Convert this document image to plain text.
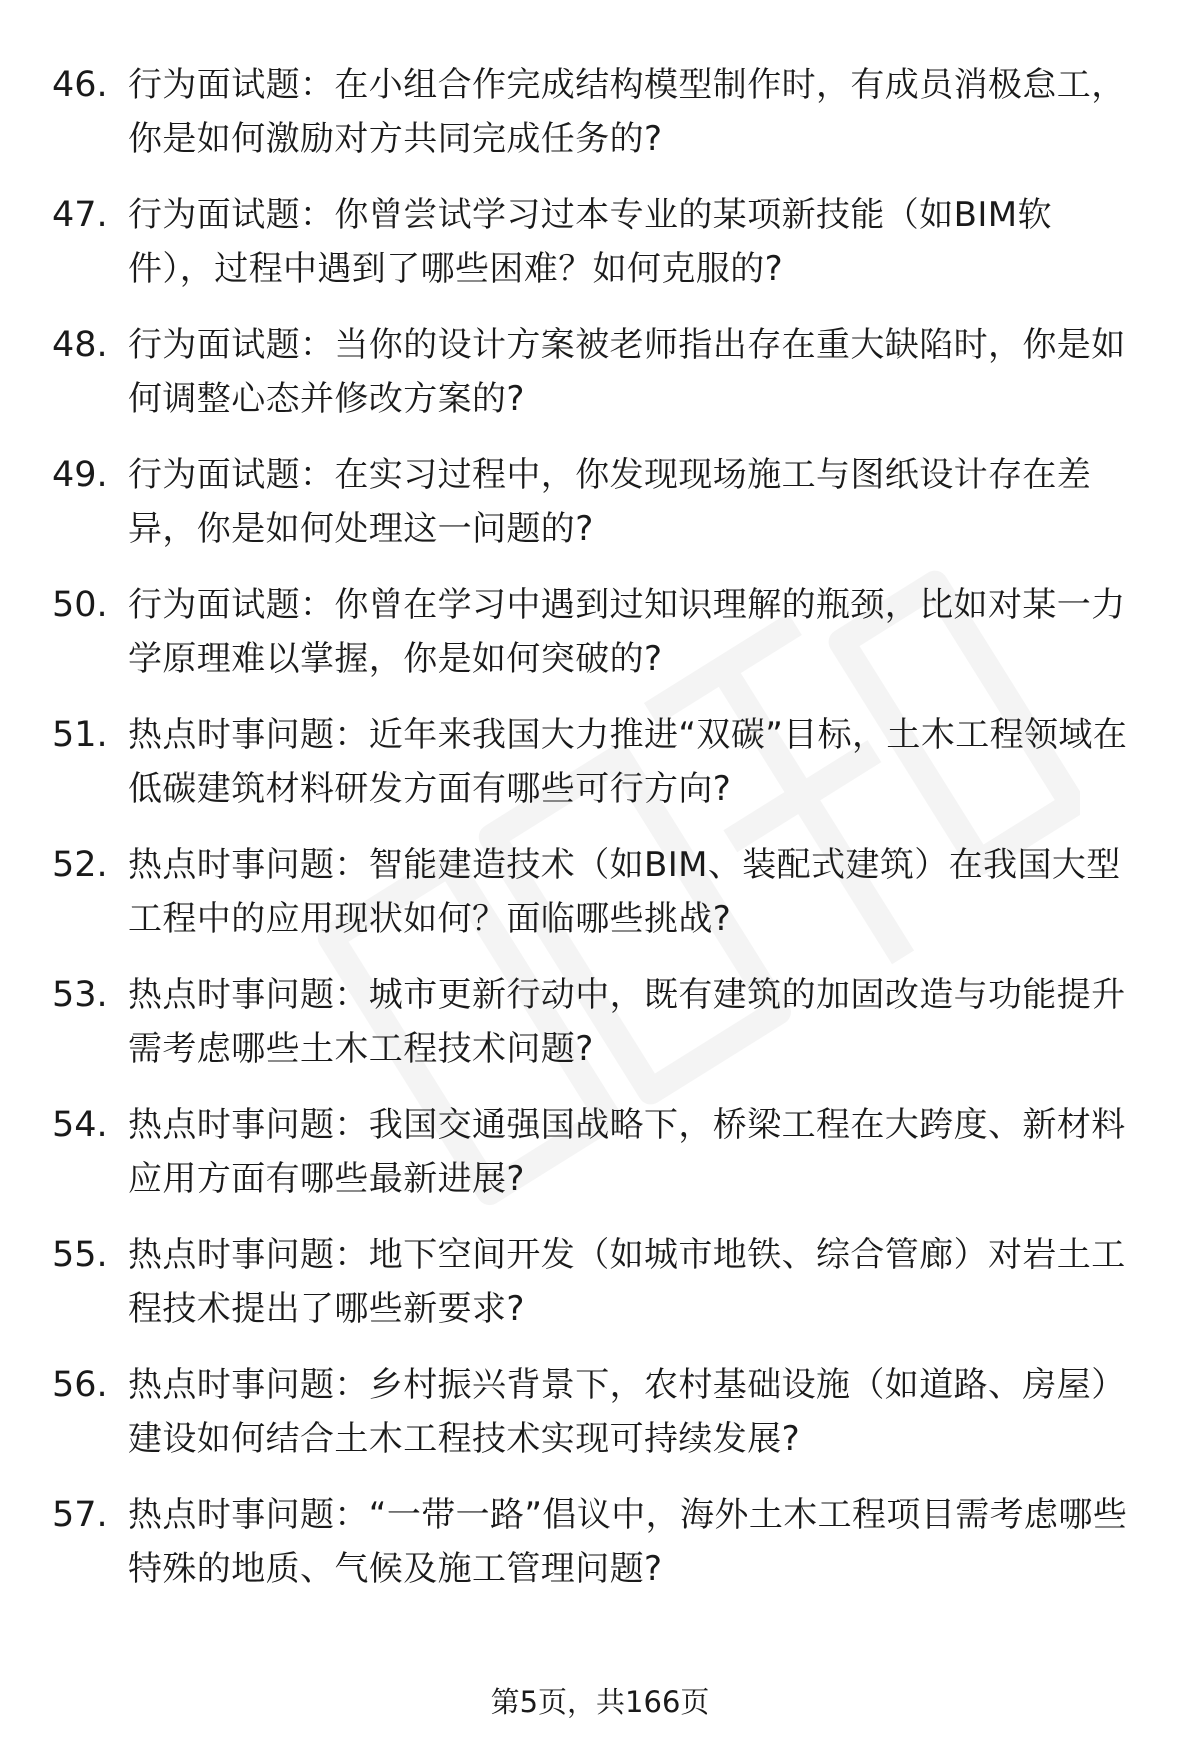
46. 行为面试题：在小组合作完成结构模型制作时，有成员消极怠工，你是如何激励对方共同完成任务的?
47. 行为面试题：你曾尝试学习过本专业的某项新技能（如BIM软件），过程中遇到了哪些困难？如何克服的?
48. 行为面试题：当你的设计方案被老师指出存在重大缺陷时，你是如何调整心态并修改方案的?
49. 行为面试题：在实习过程中，你发现现场施工与图纸设计存在差异，你是如何处理这一问题的?
50. 行为面试题：你曾在学习中遇到过知识理解的瓶颈，比如对某一力学原理难以掌握，你是如何突破的?
51. 热点时事问题：近年来我国大力推进“双碳”目标，土木工程领域在低碳建筑材料研发方面有哪些可行方向?
52. 热点时事问题：智能建造技术（如BIM、装配式建筑）在我国大型工程中的应用现状如何？面临哪些挑战?
53. 热点时事问题：城市更新行动中，既有建筑的加固改造与功能提升需考虑哪些土木工程技术问题?
54. 热点时事问题：我国交通强国战略下，桥梁工程在大跨度、新材料应用方面有哪些最新进展?
55. 热点时事问题：地下空间开发（如城市地铁、综合管廊）对岩土工程技术提出了哪些新要求?
56. 热点时事问题：乡村振兴背景下，农村基础设施（如道路、房屋）建设如何结合土木工程技术实现可持续发展?
57. 热点时事问题：“一带一路”倡议中，海外土木工程项目需考虑哪些特殊的地质、气候及施工管理问题?
第5页，共166页
